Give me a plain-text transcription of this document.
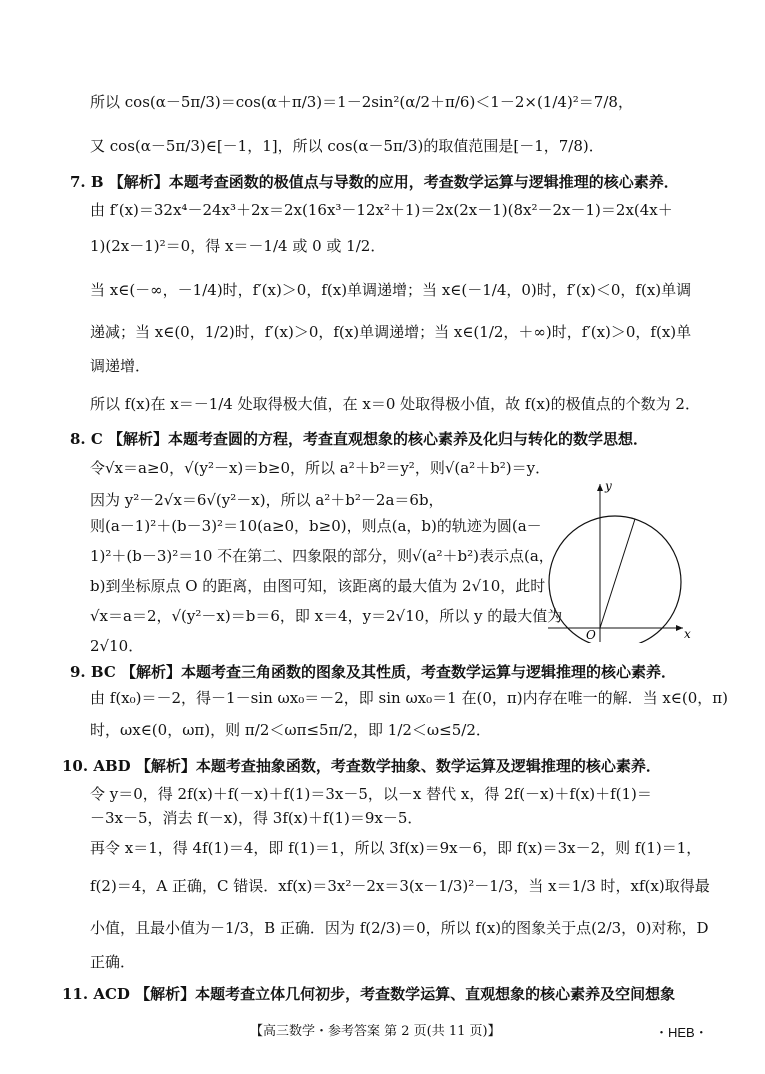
所以 cos(α－5π/3)＝cos(α＋π/3)＝1－2sin²(α/2＋π/6)＜1－2×(1/4)²＝7/8，
又 cos(α－5π/3)∈[－1，1]，所以 cos(α－5π/3)的取值范围是[－1，7/8)．
7. B 【解析】本题考查函数的极值点与导数的应用，考查数学运算与逻辑推理的核心素养．
由 f′(x)＝32x⁴－24x³＋2x＝2x(16x³－12x²＋1)＝2x(2x－1)(8x²－2x－1)＝2x(4x＋
1)(2x－1)²＝0，得 x＝－1/4 或 0 或 1/2．
当 x∈(－∞，－1/4)时，f′(x)＞0，f(x)单调递增；当 x∈(－1/4，0)时，f′(x)＜0，f(x)单调
递减；当 x∈(0，1/2)时，f′(x)＞0，f(x)单调递增；当 x∈(1/2，＋∞)时，f′(x)＞0，f(x)单
调递增．
所以 f(x)在 x＝－1/4 处取得极大值，在 x＝0 处取得极小值，故 f(x)的极值点的个数为 2．
8. C 【解析】本题考查圆的方程，考查直观想象的核心素养及化归与转化的数学思想．
令√x＝a≥0，√(y²－x)＝b≥0，所以 a²＋b²＝y²，则√(a²＋b²)＝y．
因为 y²－2√x＝6√(y²－x)，所以 a²＋b²－2a＝6b，
则(a－1)²＋(b－3)²＝10(a≥0，b≥0)，则点(a，b)的轨迹为圆(a－
1)²＋(b－3)²＝10 不在第二、四象限的部分，则√(a²＋b²)表示点(a，
b)到坐标原点 O 的距离，由图可知，该距离的最大值为 2√10，此时
√x＝a＝2，√(y²－x)＝b＝6，即 x＝4，y＝2√10，所以 y 的最大值为
2√10．
y
x
O
9. BC 【解析】本题考查三角函数的图象及其性质，考查数学运算与逻辑推理的核心素养．
由 f(x₀)＝－2，得－1－sin ωx₀＝－2，即 sin ωx₀＝1 在(0，π)内存在唯一的解．当 x∈(0，π)
时，ωx∈(0，ωπ)，则 π/2＜ωπ≤5π/2，即 1/2＜ω≤5/2．
10. ABD 【解析】本题考查抽象函数，考查数学抽象、数学运算及逻辑推理的核心素养．
令 y＝0，得 2f(x)＋f(－x)＋f(1)＝3x－5，以－x 替代 x，得 2f(－x)＋f(x)＋f(1)＝
－3x－5，消去 f(－x)，得 3f(x)＋f(1)＝9x－5．
再令 x＝1，得 4f(1)＝4，即 f(1)＝1，所以 3f(x)＝9x－6，即 f(x)＝3x－2，则 f(1)＝1，
f(2)＝4，A 正确，C 错误．xf(x)＝3x²－2x＝3(x－1/3)²－1/3，当 x＝1/3 时，xf(x)取得最
小值，且最小值为－1/3，B 正确．因为 f(2/3)＝0，所以 f(x)的图象关于点(2/3，0)对称，D
正确．
11. ACD 【解析】本题考查立体几何初步，考查数学运算、直观想象的核心素养及空间想象
【高三数学・参考答案 第 2 页(共 11 页)】	・HEB・
